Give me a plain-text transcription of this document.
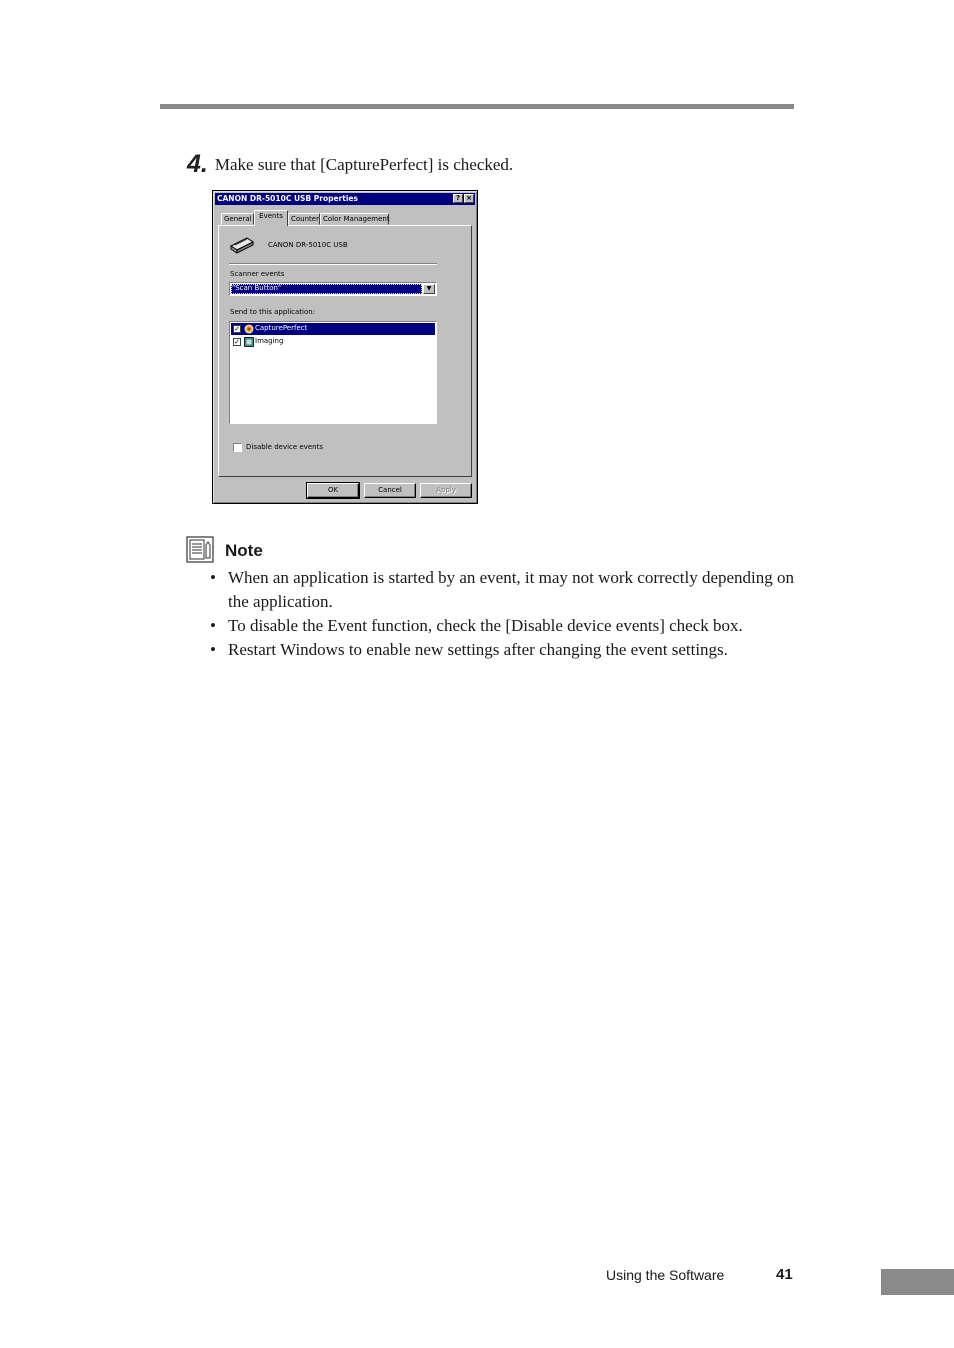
4. Make sure that [CapturePerfect] is checked.
CANON DR-5010C USB Properties	? ×
General	Events	Counter Color Management
CANON DR-5010C USB
Scanner events
"Scan Button"	▼
Send to this application:
✓ CapturePerfect
✓ Imaging
Disable device events
OK	Cancel	Apply
Note
• When an application is started by an event, it may not work correctly depending on the application.
• To disable the Event function, check the [Disable device events] check box.
• Restart Windows to enable new settings after changing the event settings.
Using the Software	41
